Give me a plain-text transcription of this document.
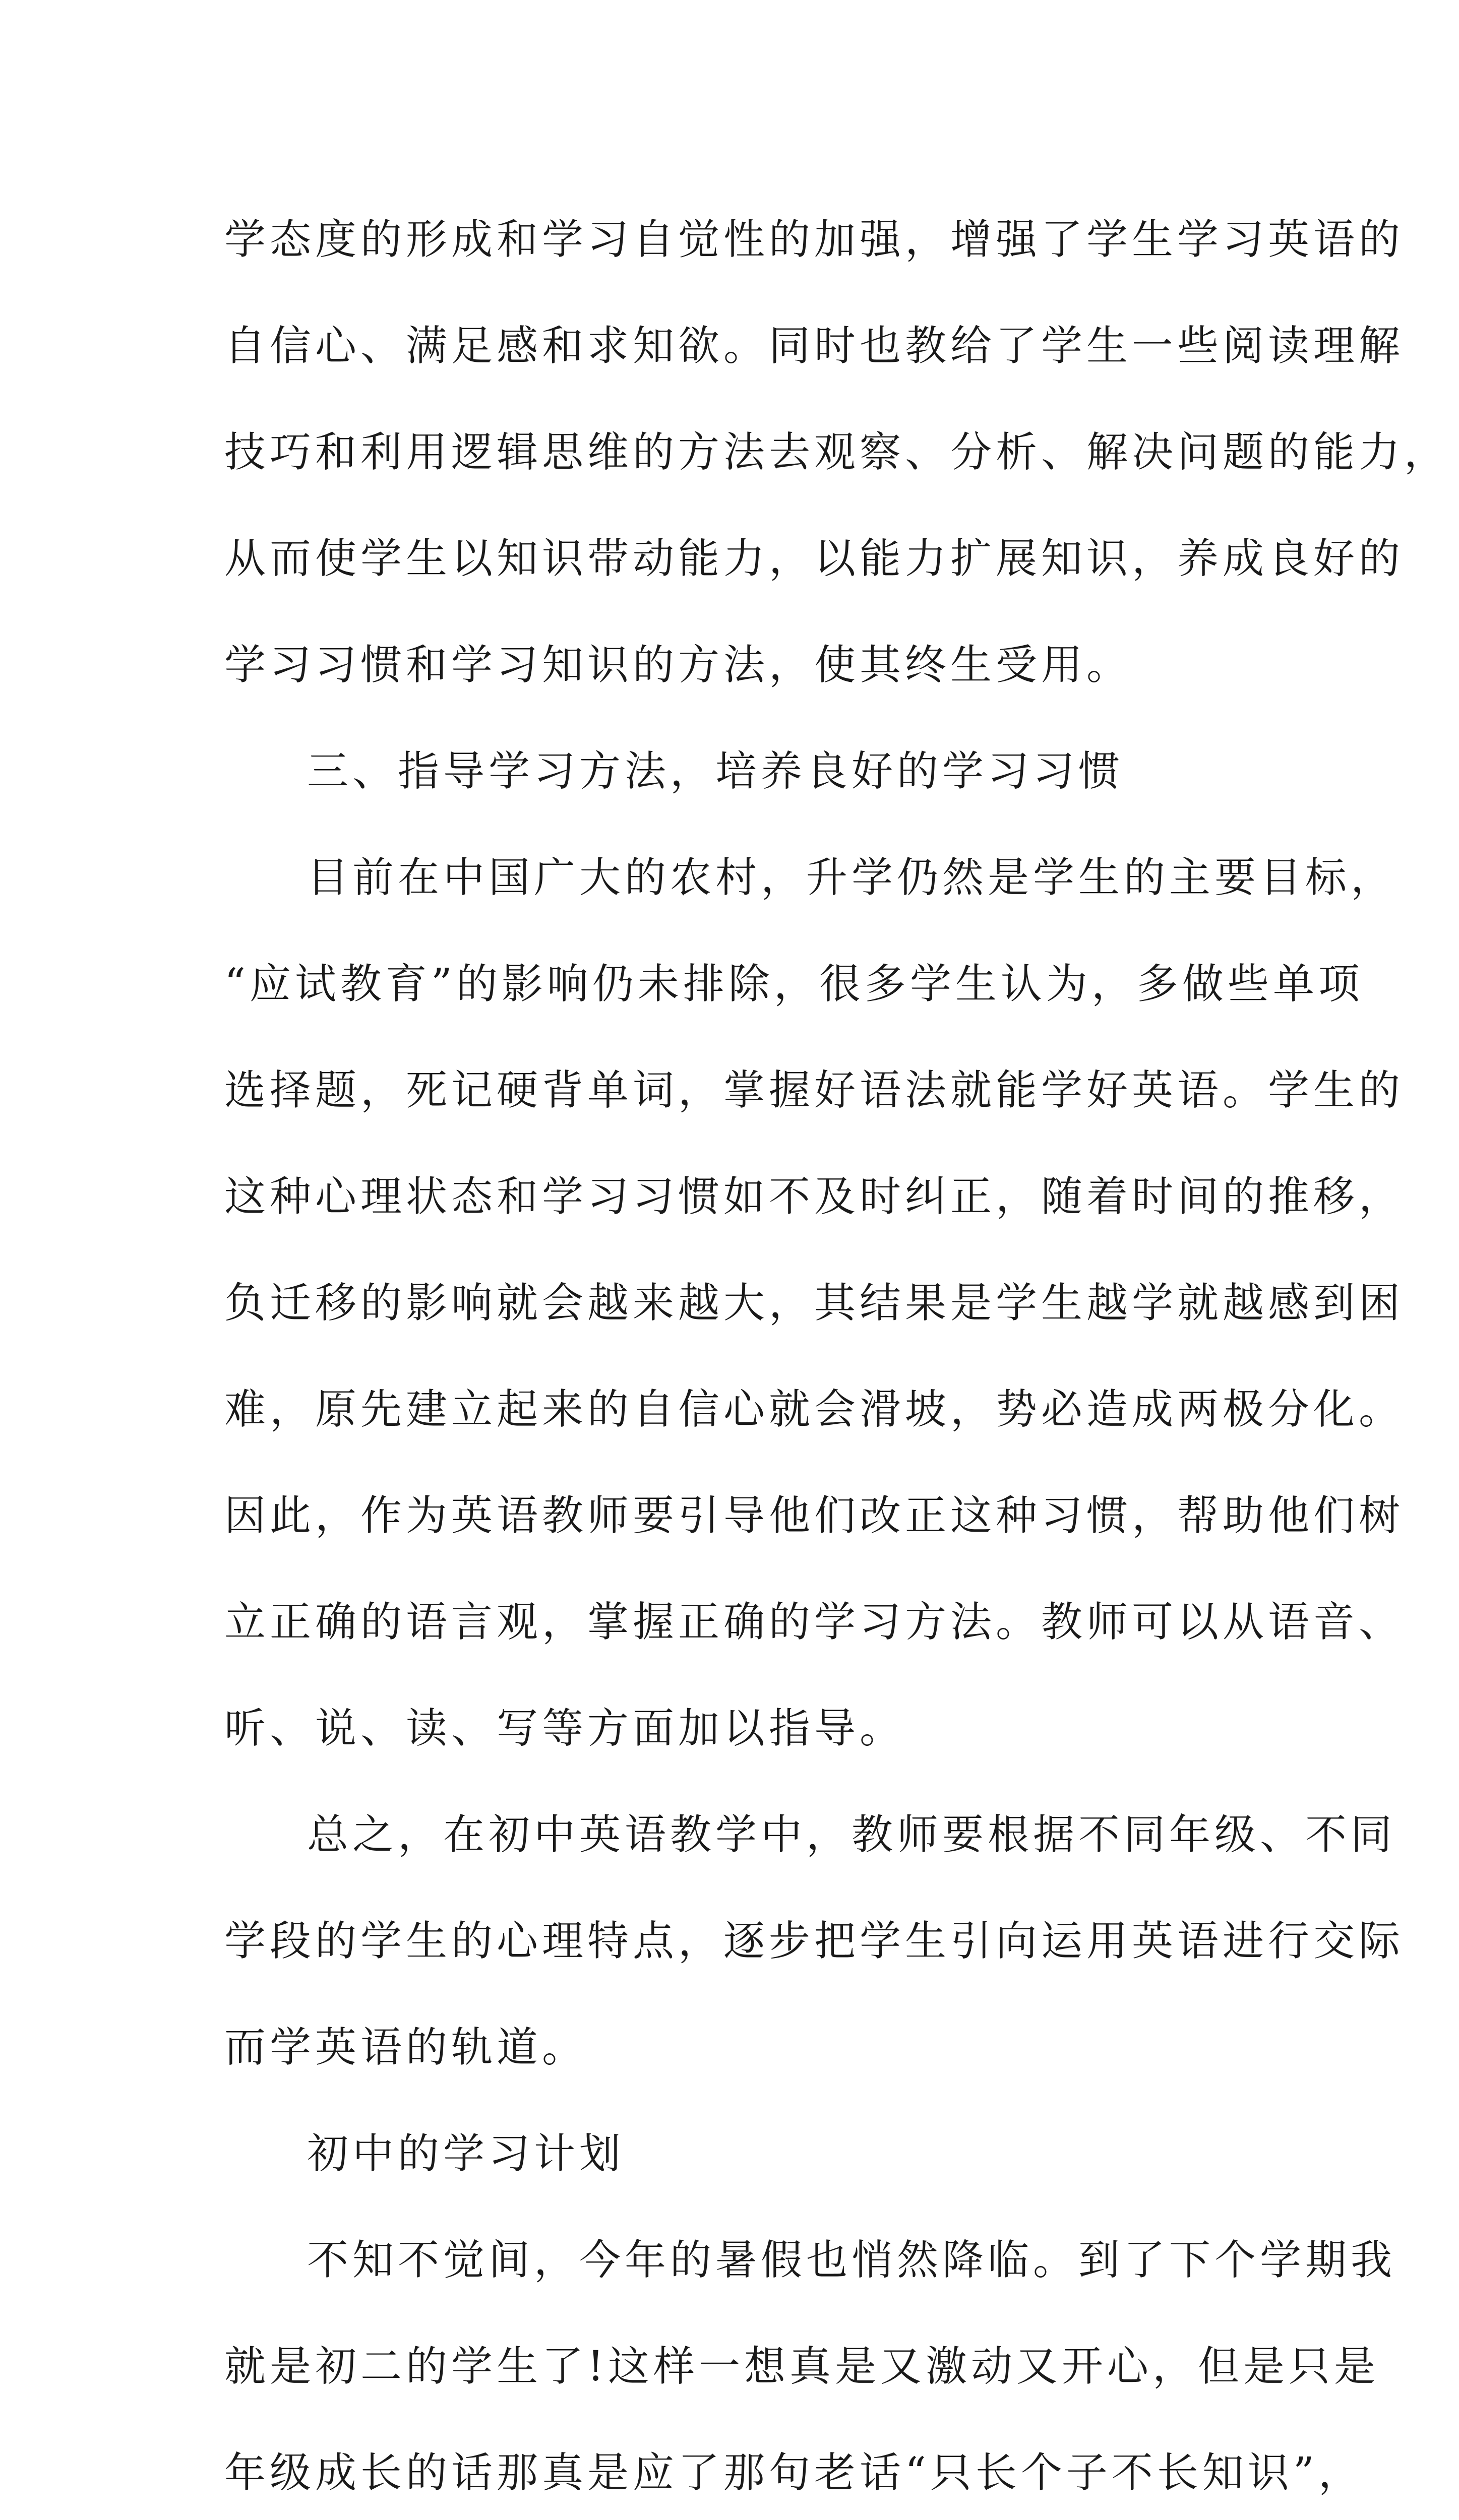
学态度的形成和学习自觉性的加强，增强了学生学习英语的
自信心、满足感和求知欲。同时也教给了学生一些阅读理解
技巧和利用逻辑思维的方法去观察、分析、解决问题的能力，
从而使学生以知识带动能力，以能力扩展知识，养成良好的
学习习惯和学习知识的方法，使其终生受用。
三、指导学习方法，培养良好的学习习惯
目前在中国广大的农村，升学仍然是学生的主要目标，
“应试教育”的影响仍未排除，很多学生认为，多做些单项
选择题，死记硬背单词，掌握好语法就能学好英语。学生的
这种心理状态和学习习惯如不及时纠正，随着时间的推移，
负迁移的影响就会越来越大，其结果是学生越学就越感到困
难，原先建立起来的自信心就会滑坡，势必造成两极分化。
因此，作为英语教师要引导他们改正这种习惯，帮助他们树
立正确的语言观，掌握正确的学习方法。教师可以从语音、
听、说、读、写等方面加以指导。
总之，在初中英语教学中，教师要根据不同年级、不同
学段的学生的心理特点，逐步把学生引向运用英语进行交际
而学英语的轨道。
初中的学习计划
不知不觉间，今年的暑假也悄然降临。到了下个学期我
就是初二的学生了!这样一想真是又激动又开心，但是只是
年级成长的话那真是应了那句老话“只长个子不长知识”，
